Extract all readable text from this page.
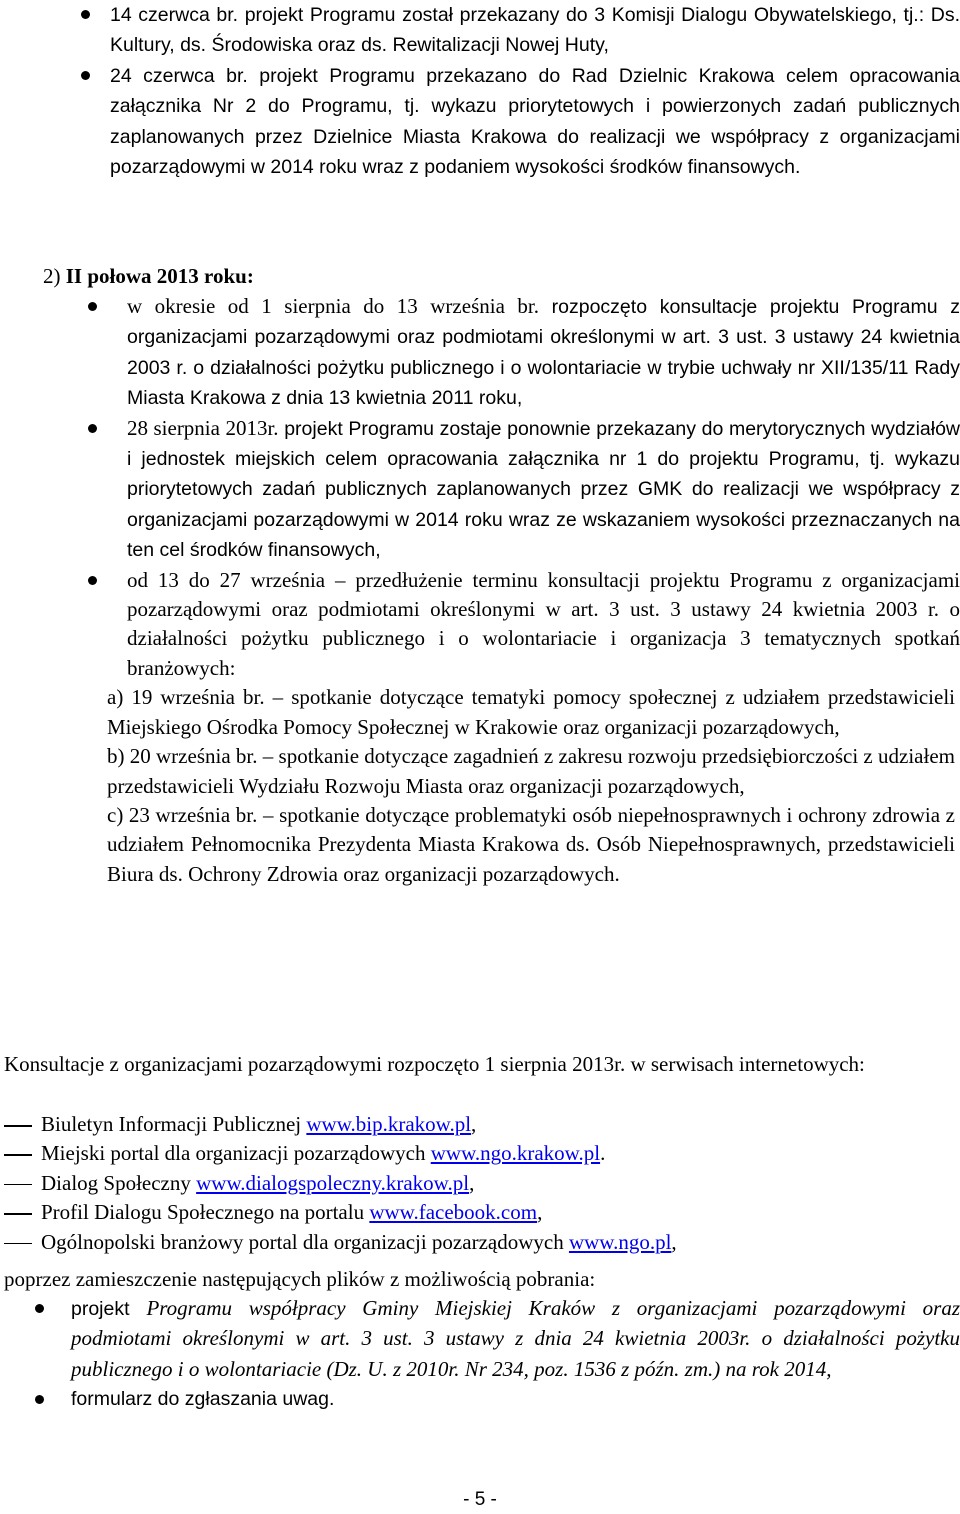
14 czerwca br. projekt Programu został przekazany do 3 Komisji Dialogu Obywatelskiego, tj.: Ds. Kultury, ds. Środowiska oraz ds. Rewitalizacji Nowej Huty,
24 czerwca br. projekt Programu przekazano do Rad Dzielnic Krakowa celem opracowania załącznika Nr 2 do Programu, tj. wykazu priorytetowych i powierzonych zadań publicznych zaplanowanych przez Dzielnice Miasta Krakowa do realizacji we współpracy z organizacjami pozarządowymi w 2014 roku wraz z podaniem wysokości środków finansowych.

2) II połowa 2013 roku:

w okresie od 1 sierpnia do 13 września br. rozpoczęto konsultacje projektu Programu z organizacjami pozarządowymi oraz podmiotami określonymi w art. 3 ust. 3 ustawy 24 kwietnia 2003 r. o działalności pożytku publicznego i o wolontariacie w trybie uchwały nr XII/135/11 Rady Miasta Krakowa z dnia 13 kwietnia 2011 roku,
28 sierpnia 2013r. projekt Programu zostaje ponownie przekazany do merytorycznych wydziałów i jednostek miejskich celem opracowania załącznika nr 1 do projektu Programu, tj. wykazu priorytetowych zadań publicznych zaplanowanych przez GMK do realizacji we współpracy z organizacjami pozarządowymi w 2014 roku wraz ze wskazaniem wysokości przeznaczanych na ten cel środków finansowych,
od 13 do 27 września – przedłużenie terminu konsultacji projektu Programu z organizacjami pozarządowymi oraz podmiotami określonymi w art. 3 ust. 3 ustawy 24 kwietnia 2003 r. o działalności pożytku publicznego i o wolontariacie i organizacja 3 tematycznych spotkań branżowych:
a) 19 września br. – spotkanie dotyczące tematyki pomocy społecznej z udziałem przedstawicieli Miejskiego Ośrodka Pomocy Społecznej w Krakowie oraz organizacji pozarządowych,
b) 20 września br. – spotkanie dotyczące zagadnień z zakresu rozwoju przedsiębiorczości z udziałem przedstawicieli Wydziału Rozwoju Miasta oraz organizacji pozarządowych,
c) 23 września br. – spotkanie dotyczące problematyki osób niepełnosprawnych i ochrony zdrowia z udziałem Pełnomocnika Prezydenta Miasta Krakowa ds. Osób Niepełnosprawnych, przedstawicieli Biura ds. Ochrony Zdrowia oraz organizacji pozarządowych.

Konsultacje z organizacjami pozarządowymi rozpoczęto 1 sierpnia 2013r. w serwisach internetowych:

Biuletyn Informacji Publicznej www.bip.krakow.pl,
Miejski portal dla organizacji pozarządowych www.ngo.krakow.pl.
Dialog Społeczny www.dialogspoleczny.krakow.pl,
Profil Dialogu Społecznego na portalu www.facebook.com,
Ogólnopolski branżowy portal dla organizacji pozarządowych www.ngo.pl,

poprzez zamieszczenie następujących plików z możliwością pobrania:

projekt Programu współpracy Gminy Miejskiej Kraków z organizacjami pozarządowymi oraz podmiotami określonymi w art. 3 ust. 3 ustawy z dnia 24 kwietnia 2003r. o działalności pożytku publicznego i o wolontariacie (Dz. U. z 2010r. Nr 234, poz. 1536 z późn. zm.) na rok 2014,
formularz do zgłaszania uwag.

- 5 -
